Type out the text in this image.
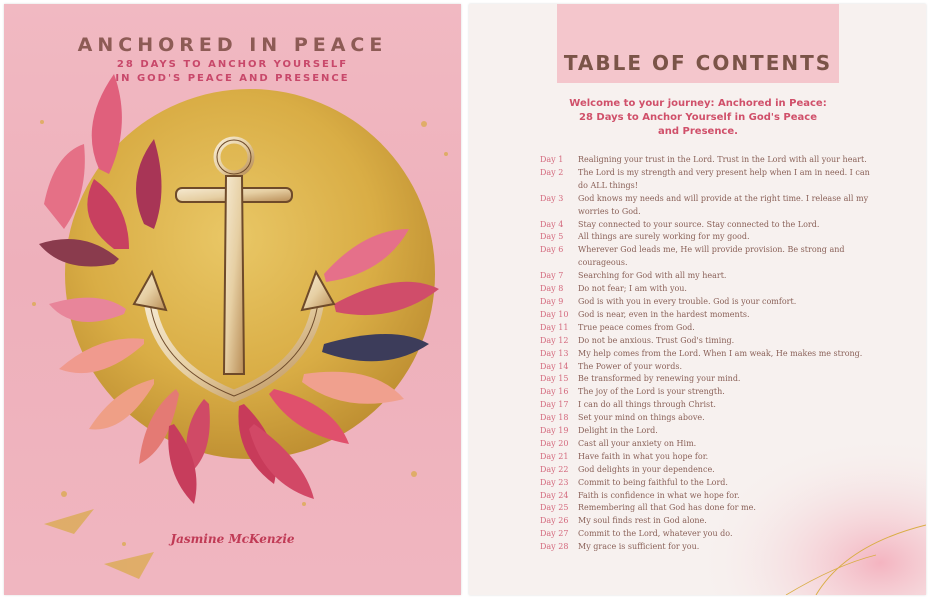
ANCHORED IN PEACE
28 DAYS TO ANCHOR YOURSELF
IN GOD'S PEACE AND PRESENCE
Jasmine McKenzie
TABLE OF CONTENTS
Welcome to your journey: Anchored in Peace:
28 Days to Anchor Yourself in God's Peace
and Presence.
Day 1	Realigning your trust in the Lord. Trust in the Lord with all your heart.
Day 2	The Lord is my strength and very present help when I am in need. I can
do ALL things!
Day 3	God knows my needs and will provide at the right time. I release all my
worries to God.
Day 4	Stay connected to your source. Stay connected to the Lord.
Day 5	All things are surely working for my good.
Day 6	Wherever God leads me, He will provide provision. Be strong and
courageous.
Day 7	Searching for God with all my heart.
Day 8	Do not fear; I am with you.
Day 9	God is with you in every trouble. God is your comfort.
Day 10	God is near, even in the hardest moments.
Day 11	True peace comes from God.
Day 12	Do not be anxious. Trust God's timing.
Day 13	My help comes from the Lord. When I am weak, He makes me strong.
Day 14	The Power of your words.
Day 15	Be transformed by renewing your mind.
Day 16	The joy of the Lord is your strength.
Day 17	I can do all things through Christ.
Day 18	Set your mind on things above.
Day 19	Delight in the Lord.
Day 20	Cast all your anxiety on Him.
Day 21	Have faith in what you hope for.
Day 22	God delights in your dependence.
Day 23	Commit to being faithful to the Lord.
Day 24	Faith is confidence in what we hope for.
Day 25	Remembering all that God has done for me.
Day 26	My soul finds rest in God alone.
Day 27	Commit to the Lord, whatever you do.
Day 28	My grace is sufficient for you.
